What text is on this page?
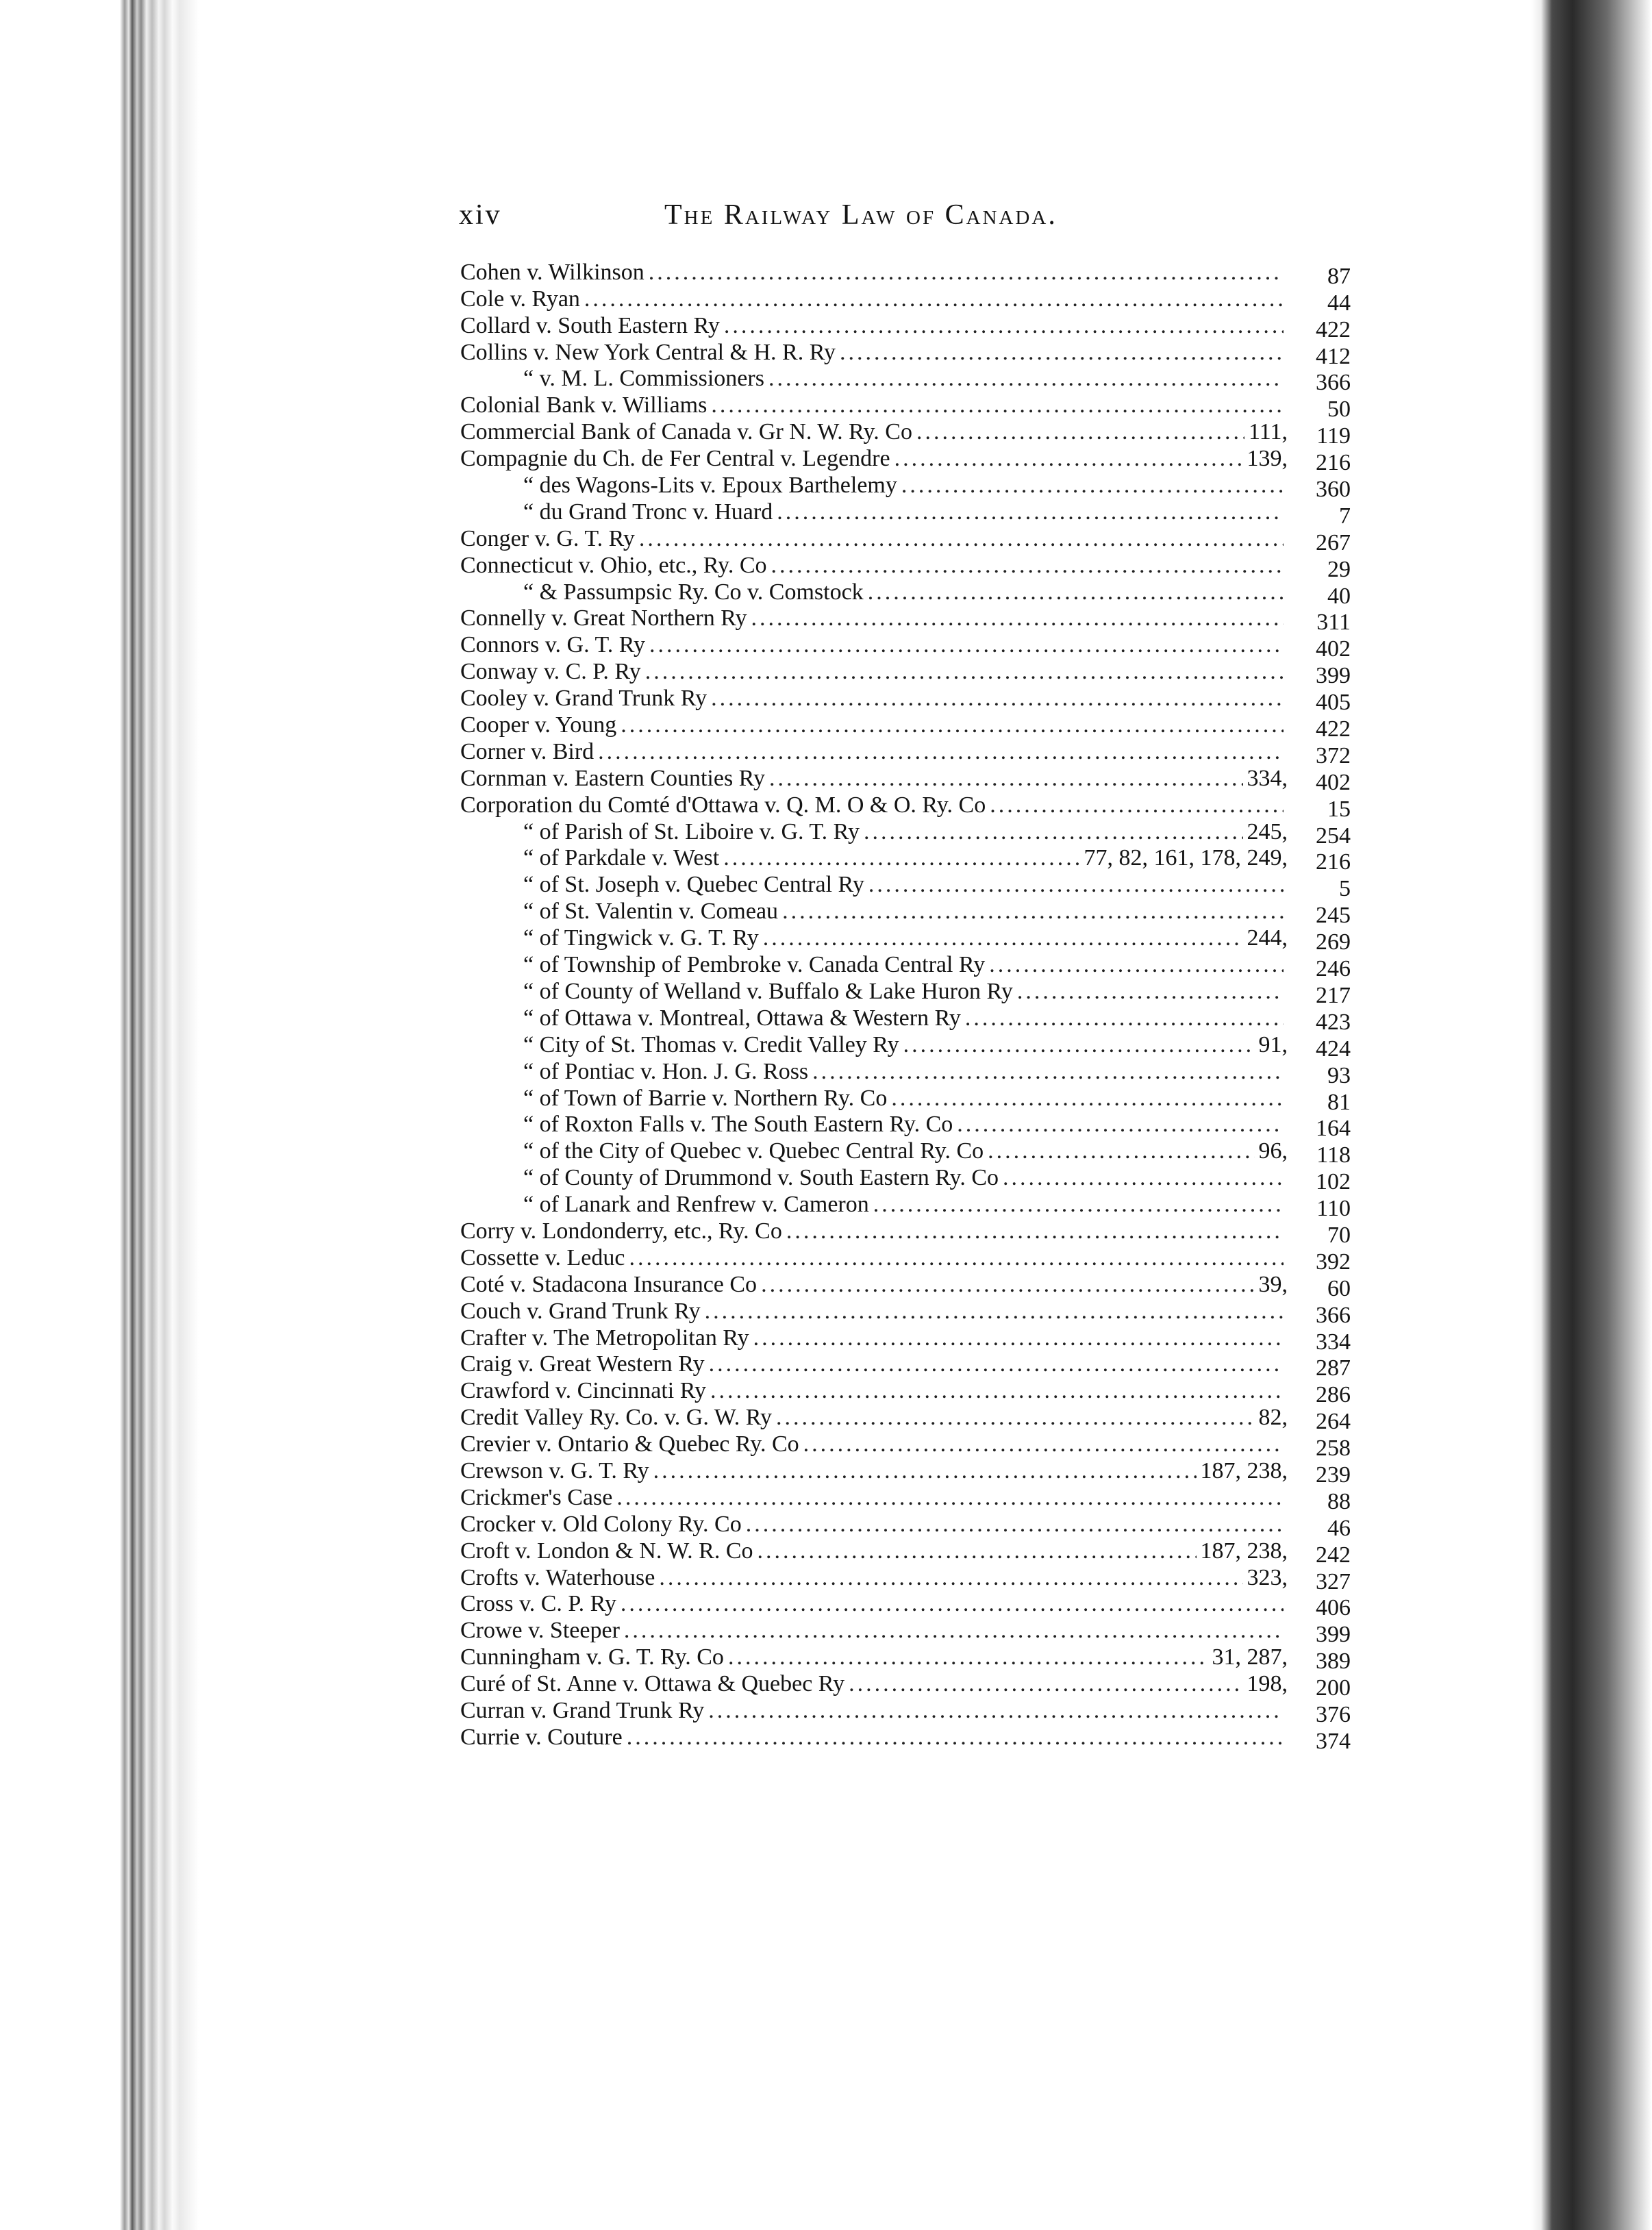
xiv	The Railway Law of Canada.
Cohen v. Wilkinson .....	87
Cole v. Ryan .....	44
Collard v. South Eastern Ry .....	422
Collins v. New York Central & H. R. Ry .....	412
“ v. M. L. Commissioners .....	366
Colonial Bank v. Williams .....	50
Commercial Bank of Canada v. Gr N. W. Ry. Co .....	111,	119
Compagnie du Ch. de Fer Central v. Legendre .....	139,	216
“ des Wagons-Lits v. Epoux Barthelemy .....	360
“ du Grand Tronc v. Huard .....	7
Conger v. G. T. Ry .....	267
Connecticut v. Ohio, etc., Ry. Co .....	29
“ & Passumpsic Ry. Co v. Comstock .....	40
Connelly v. Great Northern Ry .....	311
Connors v. G. T. Ry .....	402
Conway v. C. P. Ry .....	399
Cooley v. Grand Trunk Ry .....	405
Cooper v. Young .....	422
Corner v. Bird .....	372
Cornman v. Eastern Counties Ry .....	334,	402
Corporation du Comté d'Ottawa v. Q. M. O & O. Ry. Co .....	15
“ of Parish of St. Liboire v. G. T. Ry .....	245,	254
“ of Parkdale v. West .....	77, 82, 161, 178, 249,	216
“ of St. Joseph v. Quebec Central Ry .....	5
“ of St. Valentin v. Comeau .....	245
“ of Tingwick v. G. T. Ry .....	244,	269
“ of Township of Pembroke v. Canada Central Ry .....	246
“ of County of Welland v. Buffalo & Lake Huron Ry .....	217
“ of Ottawa v. Montreal, Ottawa & Western Ry .....	423
“ City of St. Thomas v. Credit Valley Ry .....	91,	424
“ of Pontiac v. Hon. J. G. Ross .....	93
“ of Town of Barrie v. Northern Ry. Co .....	81
“ of Roxton Falls v. The South Eastern Ry. Co .....	164
“ of the City of Quebec v. Quebec Central Ry. Co .....	96,	118
“ of County of Drummond v. South Eastern Ry. Co .....	102
“ of Lanark and Renfrew v. Cameron .....	110
Corry v. Londonderry, etc., Ry. Co .....	70
Cossette v. Leduc .....	392
Coté v. Stadacona Insurance Co .....	39,	60
Couch v. Grand Trunk Ry .....	366
Crafter v. The Metropolitan Ry .....	334
Craig v. Great Western Ry .....	287
Crawford v. Cincinnati Ry .....	286
Credit Valley Ry. Co. v. G. W. Ry .....	82,	264
Crevier v. Ontario & Quebec Ry. Co .....	258
Crewson v. G. T. Ry .....	187, 238,	239
Crickmer's Case .....	88
Crocker v. Old Colony Ry. Co .....	46
Croft v. London & N. W. R. Co .....	187, 238,	242
Crofts v. Waterhouse .....	323,	327
Cross v. C. P. Ry .....	406
Crowe v. Steeper .....	399
Cunningham v. G. T. Ry. Co .....	31, 287,	389
Curé of St. Anne v. Ottawa & Quebec Ry .....	198,	200
Curran v. Grand Trunk Ry .....	376
Currie v. Couture .....	374
